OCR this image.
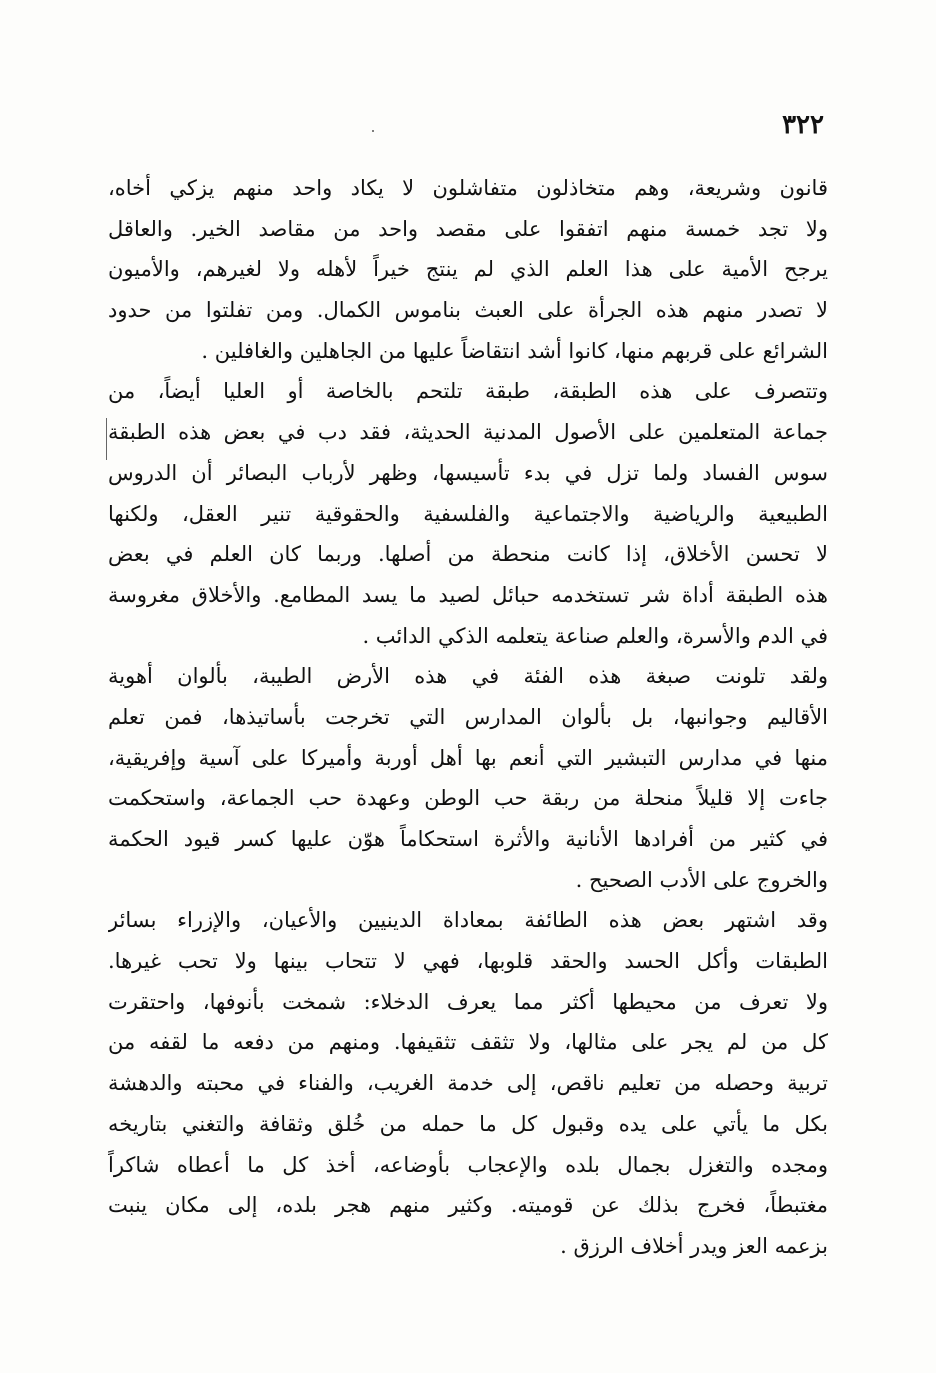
٣٢٢
قانون وشريعة، وهم متخاذلون متفاشلون لا يكاد واحد منهم يزكي أخاه،
ولا تجد خمسة منهم اتفقوا على مقصد واحد من مقاصد الخير. والعاقل
يرجح الأمية على هذا العلم الذي لم ينتج خيراً لأهله ولا لغيرهم، والأميون
لا تصدر منهم هذه الجرأة على العبث بناموس الكمال. ومن تفلتوا من حدود
الشرائع على قربهم منها، كانوا أشد انتقاضاً عليها من الجاهلين والغافلين .
وتتصرف على هذه الطبقة، طبقة تلتحم بالخاصة أو العليا أيضاً، من
جماعة المتعلمين على الأصول المدنية الحديثة، فقد دب في بعض هذه الطبقة
سوس الفساد ولما تزل في بدء تأسيسها، وظهر لأرباب البصائر أن الدروس
الطبيعية والرياضية والاجتماعية والفلسفية والحقوقية تنير العقل، ولكنها
لا تحسن الأخلاق، إذا كانت منحطة من أصلها. وربما كان العلم في بعض
هذه الطبقة أداة شر تستخدمه حبائل لصيد ما يسد المطامع. والأخلاق مغروسة
في الدم والأسرة، والعلم صناعة يتعلمه الذكي الدائب .
ولقد تلونت صبغة هذه الفئة في هذه الأرض الطيبة، بألوان أهوية
الأقاليم وجوانبها، بل بألوان المدارس التي تخرجت بأساتيذها، فمن تعلم
منها في مدارس التبشير التي أنعم بها أهل أوربة وأميركا على آسية وإفريقية،
جاءت إلا قليلاً منحلة من ربقة حب الوطن وعهدة حب الجماعة، واستحكمت
في كثير من أفرادها الأنانية والأثرة استحكاماً هوّن عليها كسر قيود الحكمة
والخروج على الأدب الصحيح .
وقد اشتهر بعض هذه الطائفة بمعاداة الدينيين والأعيان، والإزراء بسائر
الطبقات وأكل الحسد والحقد قلوبها، فهي لا تتحاب بينها ولا تحب غيرها.
ولا تعرف من محيطها أكثر مما يعرف الدخلاء: شمخت بأنوفها، واحتقرت
كل من لم يجر على مثالها، ولا تثقف تثقيفها. ومنهم من دفعه ما لقفه من
تربية وحصله من تعليم ناقص، إلى خدمة الغريب، والفناء في محبته والدهشة
بكل ما يأتي على يده وقبول كل ما حمله من خُلق وثقافة والتغني بتاريخه
ومجده والتغزل بجمال بلده والإعجاب بأوضاعه، أخذ كل ما أعطاه شاكراً
مغتبطاً، فخرج بذلك عن قوميته. وكثير منهم هجر بلده، إلى مكان ينبت
بزعمه العز ويدر أخلاف الرزق .
